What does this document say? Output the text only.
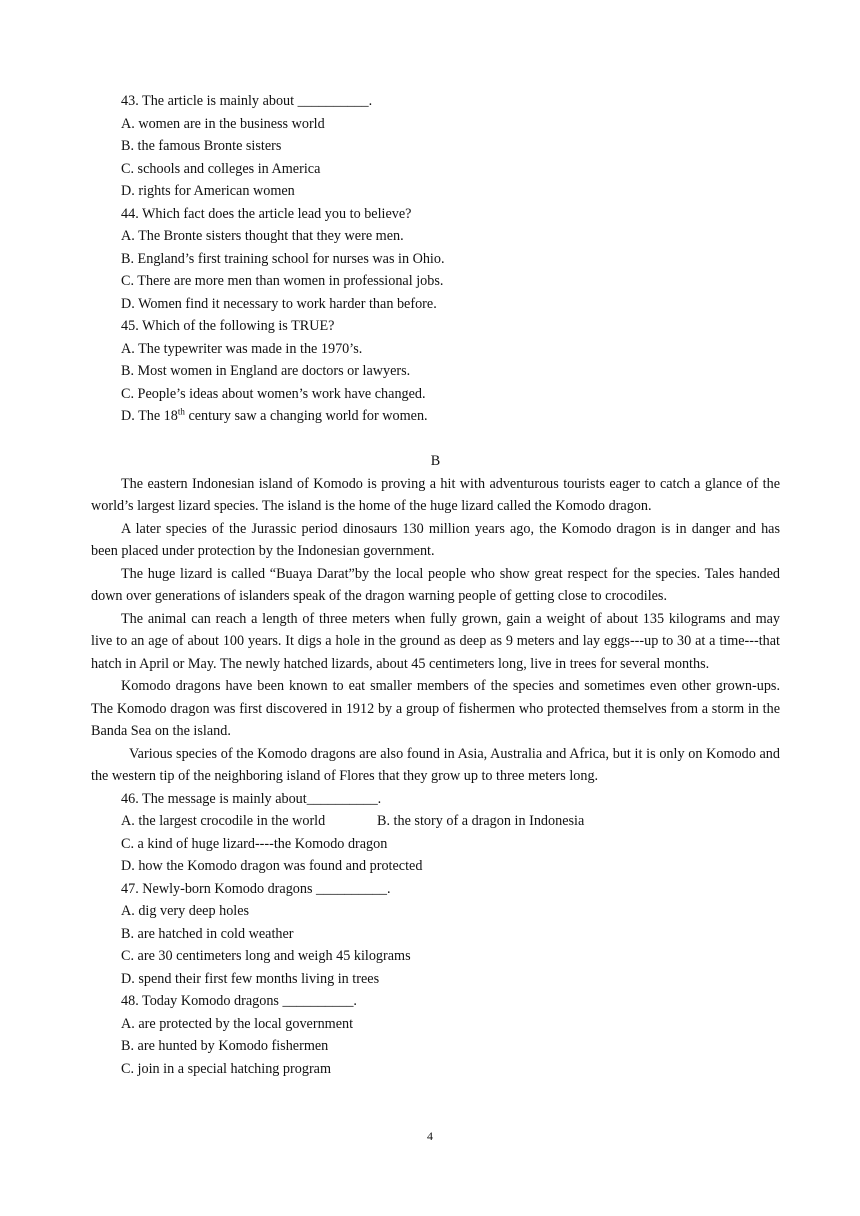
43. The article is mainly about __________.

A. women are in the business world

B. the famous Bronte sisters

C. schools and colleges in America

D. rights for American women

44. Which fact does the article lead you to believe?

A. The Bronte sisters thought that they were men.

B. England’s first training school for nurses was in Ohio.

C. There are more men than women in professional jobs.

D. Women find it necessary to work harder than before.

45. Which of the following is TRUE?

A. The typewriter was made in the 1970’s.

B. Most women in England are doctors or lawyers.

C. People’s ideas about women’s work have changed.

D. The 18th century saw a changing world for women.

B

The eastern Indonesian island of Komodo is proving a hit with adventurous tourists eager to catch a glance of the world’s largest lizard species. The island is the home of the huge lizard called the Komodo dragon.

A later species of the Jurassic period dinosaurs 130 million years ago, the Komodo dragon is in danger and has been placed under protection by the Indonesian government.

The huge lizard is called “Buaya Darat”by the local people who show great respect for the species. Tales handed down over generations of islanders speak of the dragon warning people of getting close to crocodiles.

The animal can reach a length of three meters when fully grown, gain a weight of about 135 kilograms and may live to an age of about 100 years. It digs a hole in the ground as deep as 9 meters and lay eggs---up to 30 at a time---that hatch in April or May. The newly hatched lizards, about 45 centimeters long, live in trees for several months.

Komodo dragons have been known to eat smaller members of the species and sometimes even other grown-ups. The Komodo dragon was first discovered in 1912 by a group of fishermen who protected themselves from a storm in the Banda Sea on the island.

Various species of the Komodo dragons are also found in Asia, Australia and Africa, but it is only on Komodo and the western tip of the neighboring island of Flores that they grow up to three meters long.

46. The message is mainly about__________.

A. the largest crocodile in the world	B. the story of a dragon in Indonesia

C. a kind of huge lizard----the Komodo dragon

D. how the Komodo dragon was found and protected

47. Newly-born Komodo dragons __________.

A. dig very deep holes

B. are hatched in cold weather

C. are 30 centimeters long and weigh 45 kilograms

D. spend their first few months living in trees

48. Today Komodo dragons __________.

A. are protected by the local government

B. are hunted by Komodo fishermen

C. join in a special hatching program

4
